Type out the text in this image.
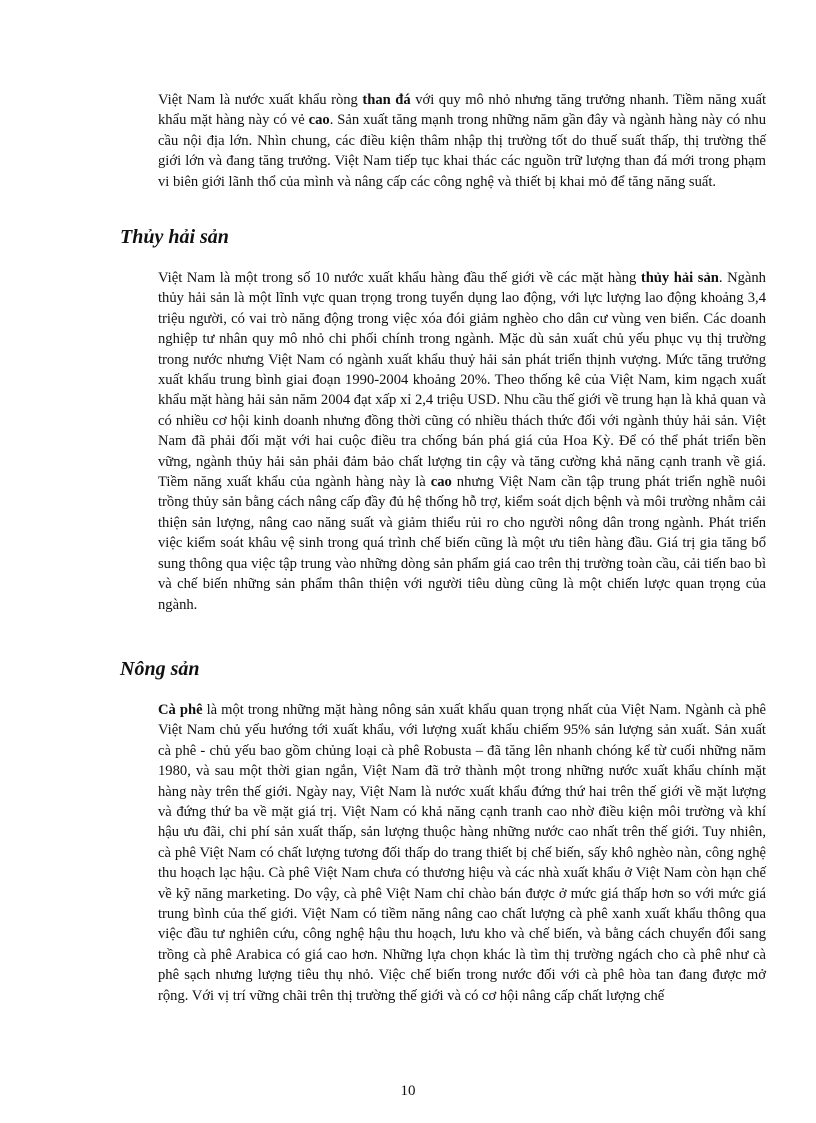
Việt Nam là nước xuất khẩu ròng than đá với quy mô nhỏ nhưng tăng trưởng nhanh. Tiềm năng xuất khẩu mặt hàng này có vẻ cao. Sản xuất tăng mạnh trong những năm gần đây và ngành hàng này có nhu cầu nội địa lớn. Nhìn chung, các điều kiện thâm nhập thị trường tốt do thuế suất thấp, thị trường thế giới lớn và đang tăng trưởng. Việt Nam tiếp tục khai thác các nguồn trữ lượng than đá mới trong phạm vi biên giới lãnh thổ của mình và nâng cấp các công nghệ và thiết bị khai mỏ để tăng năng suất.

Thủy hải sản

Việt Nam là một trong số 10 nước xuất khẩu hàng đầu thế giới về các mặt hàng thủy hải sản. Ngành thủy hải sản là một lĩnh vực quan trọng trong tuyển dụng lao động, với lực lượng lao động khoảng 3,4 triệu người, có vai trò năng động trong việc xóa đói giảm nghèo cho dân cư vùng ven biển. Các doanh nghiệp tư nhân quy mô nhỏ chi phối chính trong ngành. Mặc dù sản xuất chủ yếu phục vụ thị trường trong nước nhưng Việt Nam có ngành xuất khẩu thuỷ hải sản phát triển thịnh vượng. Mức tăng trưởng xuất khẩu trung bình giai đoạn 1990-2004 khoảng 20%. Theo thống kê của Việt Nam, kim ngạch xuất khẩu mặt hàng hải sản năm 2004 đạt xấp xỉ 2,4 triệu USD. Nhu cầu thế giới về trung hạn là khả quan và có nhiều cơ hội kinh doanh nhưng đồng thời cũng có nhiều thách thức đối với ngành thủy hải sản. Việt Nam đã phải đối mặt với hai cuộc điều tra chống bán phá giá của Hoa Kỳ. Để có thể phát triển bền vững, ngành thủy hải sản phải đảm bảo chất lượng tin cậy và tăng cường khả năng cạnh tranh về giá. Tiềm năng xuất khẩu của ngành hàng này là cao nhưng Việt Nam cần tập trung phát triển nghề nuôi trồng thủy sản bằng cách nâng cấp đầy đủ hệ thống hỗ trợ, kiểm soát dịch bệnh và môi trường nhằm cải thiện sản lượng, nâng cao năng suất và giảm thiểu rủi ro cho người nông dân trong ngành. Phát triển việc kiểm soát khâu vệ sinh trong quá trình chế biến cũng là một ưu tiên hàng đầu. Giá trị gia tăng bổ sung thông qua việc tập trung vào những dòng sản phẩm giá cao trên thị trường toàn cầu, cải tiến bao bì và chế biến những sản phẩm thân thiện với người tiêu dùng cũng là một chiến lược quan trọng của ngành.

Nông sản

Cà phê là một trong những mặt hàng nông sản xuất khẩu quan trọng nhất của Việt Nam. Ngành cà phê Việt Nam chủ yếu hướng tới xuất khẩu, với lượng xuất khẩu chiếm 95% sản lượng sản xuất. Sản xuất cà phê - chủ yếu bao gồm chủng loại cà phê Robusta – đã tăng lên nhanh chóng kể từ cuối những năm 1980, và sau một thời gian ngắn, Việt Nam đã trở thành một trong những nước xuất khẩu chính mặt hàng này trên thế giới. Ngày nay, Việt Nam là nước xuất khẩu đứng thứ hai trên thế giới về mặt lượng và đứng thứ ba về mặt giá trị. Việt Nam có khả năng cạnh tranh cao nhờ điều kiện môi trường và khí hậu ưu đãi, chi phí sản xuất thấp, sản lượng thuộc hàng những nước cao nhất trên thế giới. Tuy nhiên, cà phê Việt Nam có chất lượng tương đối thấp do trang thiết bị chế biến, sấy khô nghèo nàn, công nghệ thu hoạch lạc hậu. Cà phê Việt Nam chưa có thương hiệu và các nhà xuất khẩu ở Việt Nam còn hạn chế về kỹ năng marketing. Do vậy, cà phê Việt Nam chỉ chào bán được ở mức giá thấp hơn so với mức giá trung bình của thế giới. Việt Nam có tiềm năng nâng cao chất lượng cà phê xanh xuất khẩu thông qua việc đầu tư nghiên cứu, công nghệ hậu thu hoạch, lưu kho và chế biến, và bằng cách chuyển đổi sang trồng cà phê Arabica có giá cao hơn. Những lựa chọn khác là tìm thị trường ngách cho cà phê như cà phê sạch nhưng lượng tiêu thụ nhỏ. Việc chế biến trong nước đối với cà phê hòa tan đang được mở rộng. Với vị trí vững chãi trên thị trường thế giới và có cơ hội nâng cấp chất lượng chế

10
